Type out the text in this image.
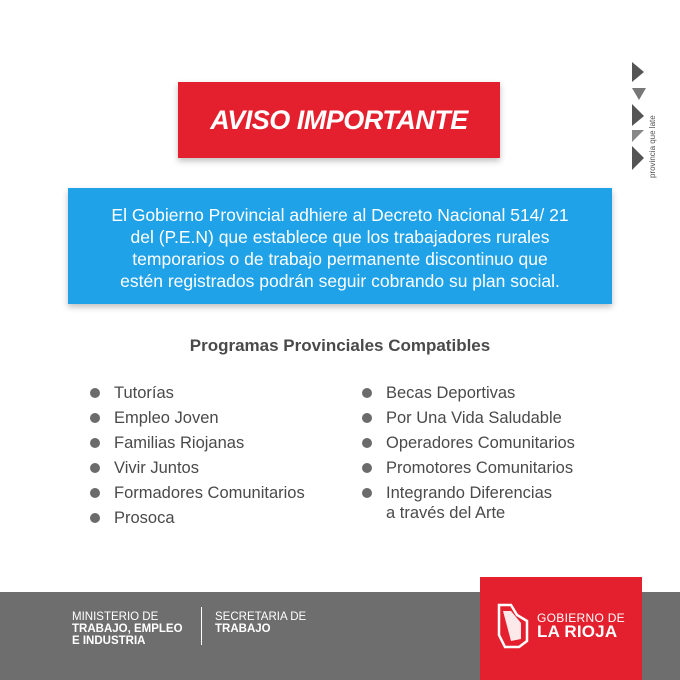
AVISO IMPORTANTE	provincia que late
El Gobierno Provincial adhiere al Decreto Nacional 514/ 21
del (P.E.N) que establece que los trabajadores rurales
temporarios o de trabajo permanente discontinuo que
estén registrados podrán seguir cobrando su plan social.
Programas Provinciales Compatibles
Tutorías
Empleo Joven
Familias Riojanas
Vivir Juntos
Formadores Comunitarios
Prosoca
Becas Deportivas
Por Una Vida Saludable
Operadores Comunitarios
Promotores Comunitarios
Integrando Diferencias
a través del Arte
MINISTERIO DE
TRABAJO, EMPLEO
E INDUSTRIA
SECRETARIA DE
TRABAJO
GOBIERNO DE
LA RIOJA
